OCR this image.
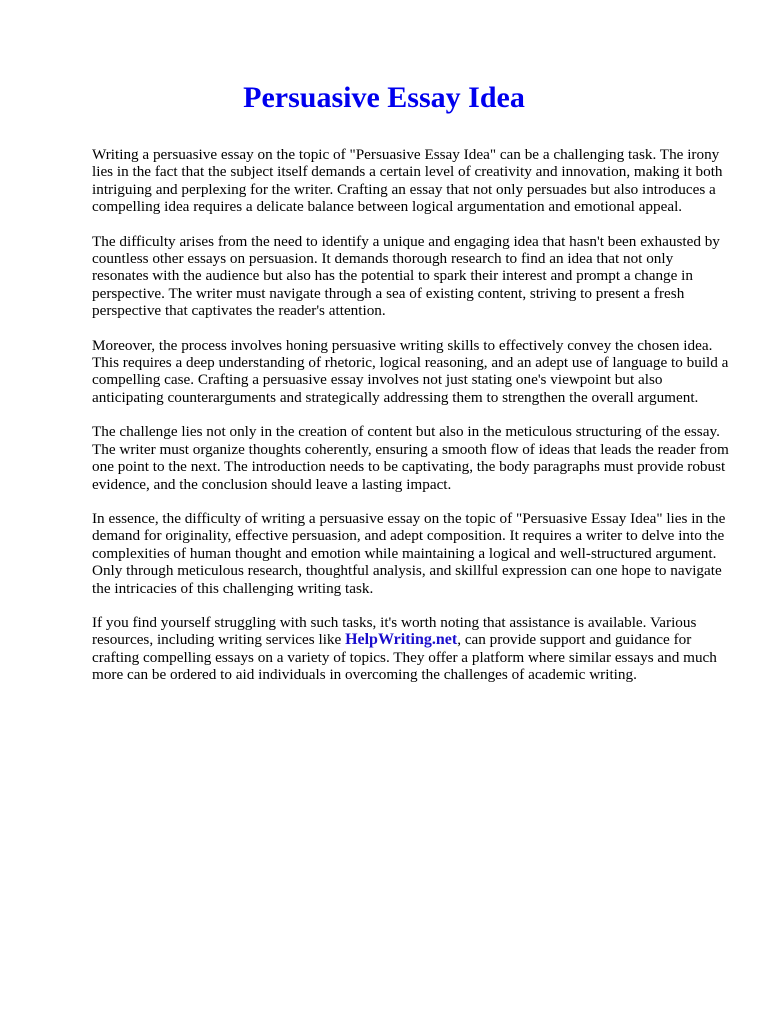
Persuasive Essay Idea

Writing a persuasive essay on the topic of "Persuasive Essay Idea" can be a challenging task. The irony lies in the fact that the subject itself demands a certain level of creativity and innovation, making it both intriguing and perplexing for the writer. Crafting an essay that not only persuades but also introduces a compelling idea requires a delicate balance between logical argumentation and emotional appeal.

The difficulty arises from the need to identify a unique and engaging idea that hasn't been exhausted by countless other essays on persuasion. It demands thorough research to find an idea that not only resonates with the audience but also has the potential to spark their interest and prompt a change in perspective. The writer must navigate through a sea of existing content, striving to present a fresh perspective that captivates the reader's attention.

Moreover, the process involves honing persuasive writing skills to effectively convey the chosen idea. This requires a deep understanding of rhetoric, logical reasoning, and an adept use of language to build a compelling case. Crafting a persuasive essay involves not just stating one's viewpoint but also anticipating counterarguments and strategically addressing them to strengthen the overall argument.

The challenge lies not only in the creation of content but also in the meticulous structuring of the essay. The writer must organize thoughts coherently, ensuring a smooth flow of ideas that leads the reader from one point to the next. The introduction needs to be captivating, the body paragraphs must provide robust evidence, and the conclusion should leave a lasting impact.

In essence, the difficulty of writing a persuasive essay on the topic of "Persuasive Essay Idea" lies in the demand for originality, effective persuasion, and adept composition. It requires a writer to delve into the complexities of human thought and emotion while maintaining a logical and well-structured argument. Only through meticulous research, thoughtful analysis, and skillful expression can one hope to navigate the intricacies of this challenging writing task.

If you find yourself struggling with such tasks, it's worth noting that assistance is available. Various resources, including writing services like HelpWriting.net, can provide support and guidance for crafting compelling essays on a variety of topics. They offer a platform where similar essays and much more can be ordered to aid individuals in overcoming the challenges of academic writing.
